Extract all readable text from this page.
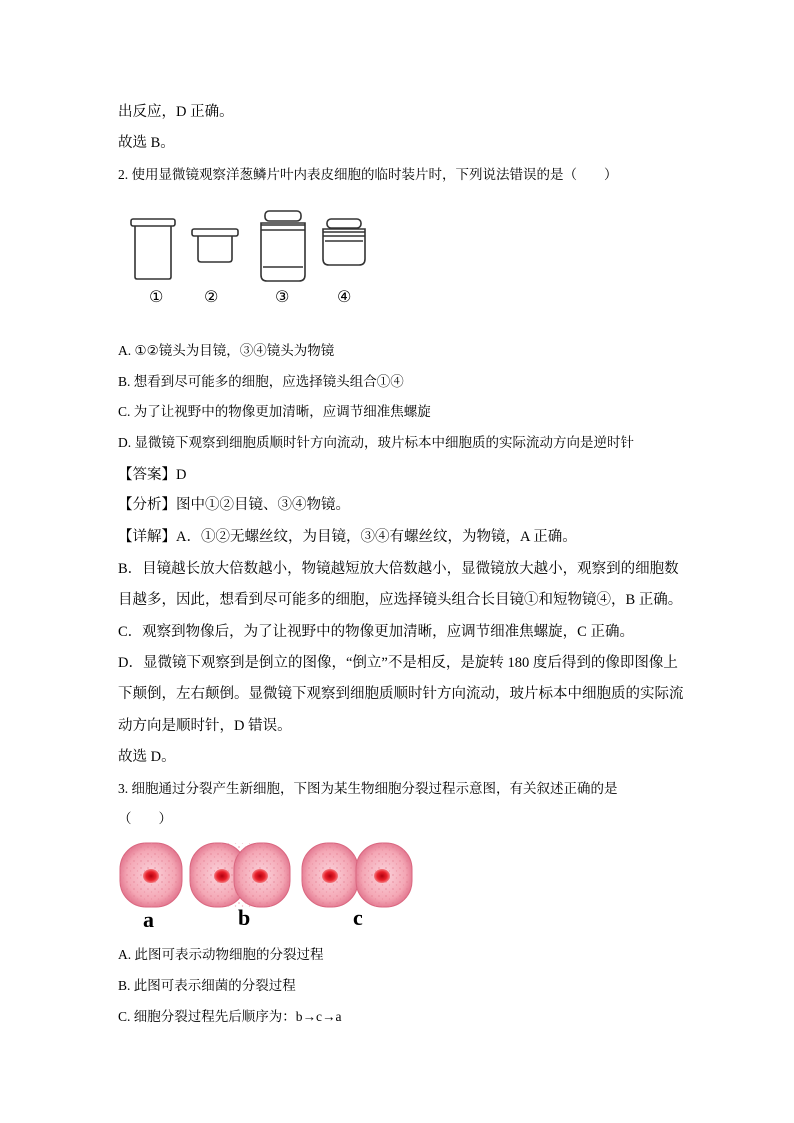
出反应，D 正确。
故选 B。
2. 使用显微镜观察洋葱鳞片叶内表皮细胞的临时装片时，下列说法错误的是（　　）
①	②	③	④
A. ①②镜头为目镜，③④镜头为物镜
B. 想看到尽可能多的细胞，应选择镜头组合①④
C. 为了让视野中的物像更加清晰，应调节细准焦螺旋
D. 显微镜下观察到细胞质顺时针方向流动，玻片标本中细胞质的实际流动方向是逆时针
【答案】D
【分析】图中①②目镜、③④物镜。
【详解】A．①②无螺丝纹，为目镜，③④有螺丝纹，为物镜，A 正确。
B．目镜越长放大倍数越小，物镜越短放大倍数越小，显微镜放大越小，观察到的细胞数
目越多，因此，想看到尽可能多的细胞，应选择镜头组合长目镜①和短物镜④，B 正确。
C．观察到物像后，为了让视野中的物像更加清晰，应调节细准焦螺旋，C 正确。
D．显微镜下观察到是倒立的图像，“倒立”不是相反，是旋转 180 度后得到的像即图像上
下颠倒，左右颠倒。显微镜下观察到细胞质顺时针方向流动，玻片标本中细胞质的实际流
动方向是顺时针，D 错误。
故选 D。
3. 细胞通过分裂产生新细胞，下图为某生物细胞分裂过程示意图，有关叙述正确的是
（　　）
a	b	c
A. 此图可表示动物细胞的分裂过程
B. 此图可表示细菌的分裂过程
C. 细胞分裂过程先后顺序为：b→c→a
